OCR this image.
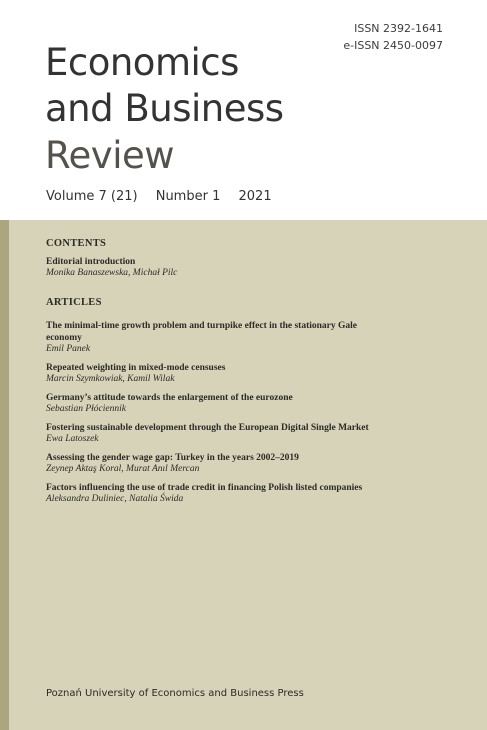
ISSN 2392-1641
e-ISSN 2450-0097
Economics
and Business
Review
Volume 7 (21) Number 1 2021
CONTENTS
Editorial introduction
Monika Banaszewska, Michał Pilc
ARTICLES
The minimal-time growth problem and turnpike effect in the stationary Gale economy
Emil Panek
Repeated weighting in mixed-mode censuses
Marcin Szymkowiak, Kamil Wilak
Germany’s attitude towards the enlargement of the eurozone
Sebastian Płóciennik
Fostering sustainable development through the European Digital Single Market
Ewa Latoszek
Assessing the gender wage gap: Turkey in the years 2002–2019
Zeynep Aktaş Koral, Murat Anıl Mercan
Factors influencing the use of trade credit in financing Polish listed companies
Aleksandra Duliniec, Natalia Świda
Poznań University of Economics and Business Press
